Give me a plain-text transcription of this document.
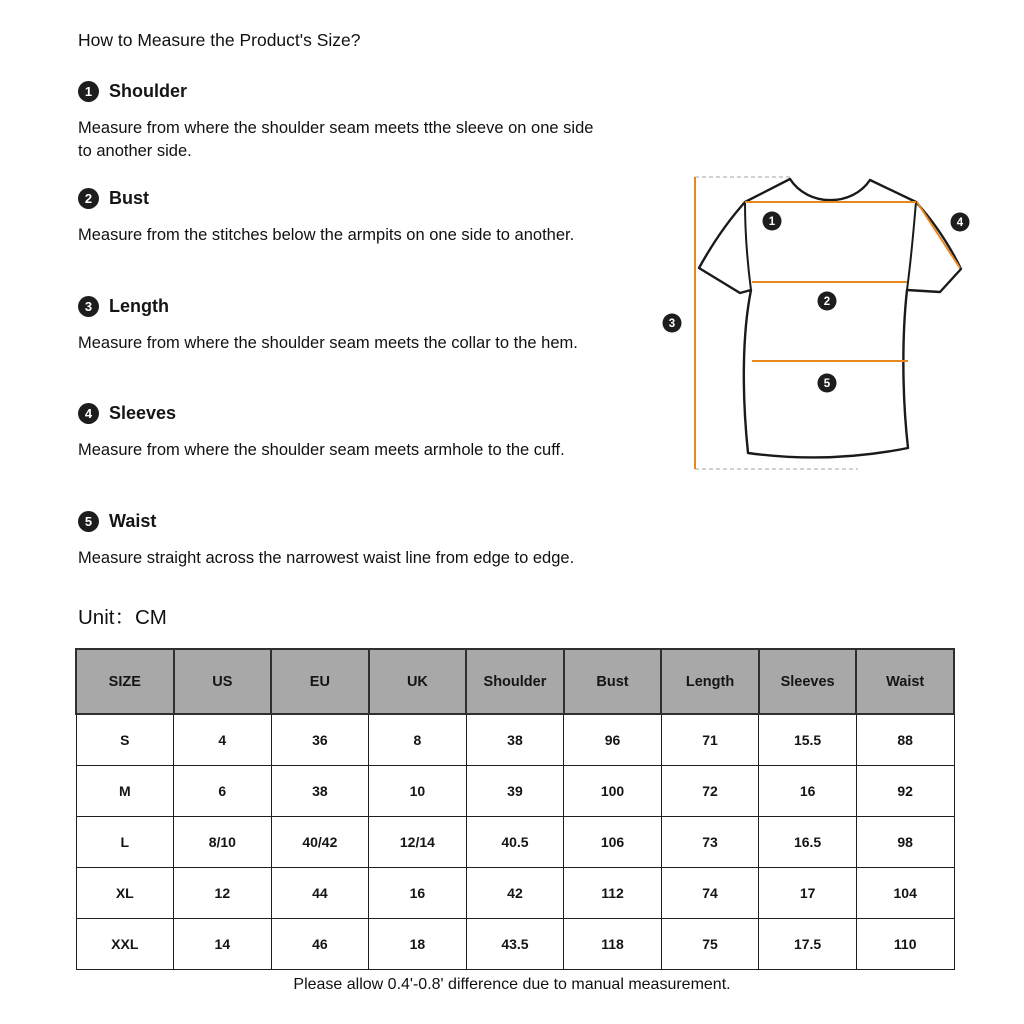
How to Measure the Product's Size?
1 Shoulder

Measure from where the shoulder seam meets tthe sleeve on one side to another side.

2 Bust

Measure from the stitches below the armpits on one side to another.

3 Length

Measure from where the shoulder seam meets the collar to the hem.

4 Sleeves

Measure from where the shoulder seam meets armhole to the cuff.

5 Waist

Measure straight across the narrowest waist line from edge to edge.

1
2
3
4
5
Unit：CM
SIZE	US	EU	UK	Shoulder	Bust	Length	Sleeves	Waist
S	4	36	8	38	96	71	15.5	88
M	6	38	10	39	100	72	16	92
L	8/10	40/42	12/14	40.5	106	73	16.5	98
XL	12	44	16	42	112	74	17	104
XXL	14	46	18	43.5	118	75	17.5	110
Please allow 0.4'-0.8' difference due to manual measurement.
